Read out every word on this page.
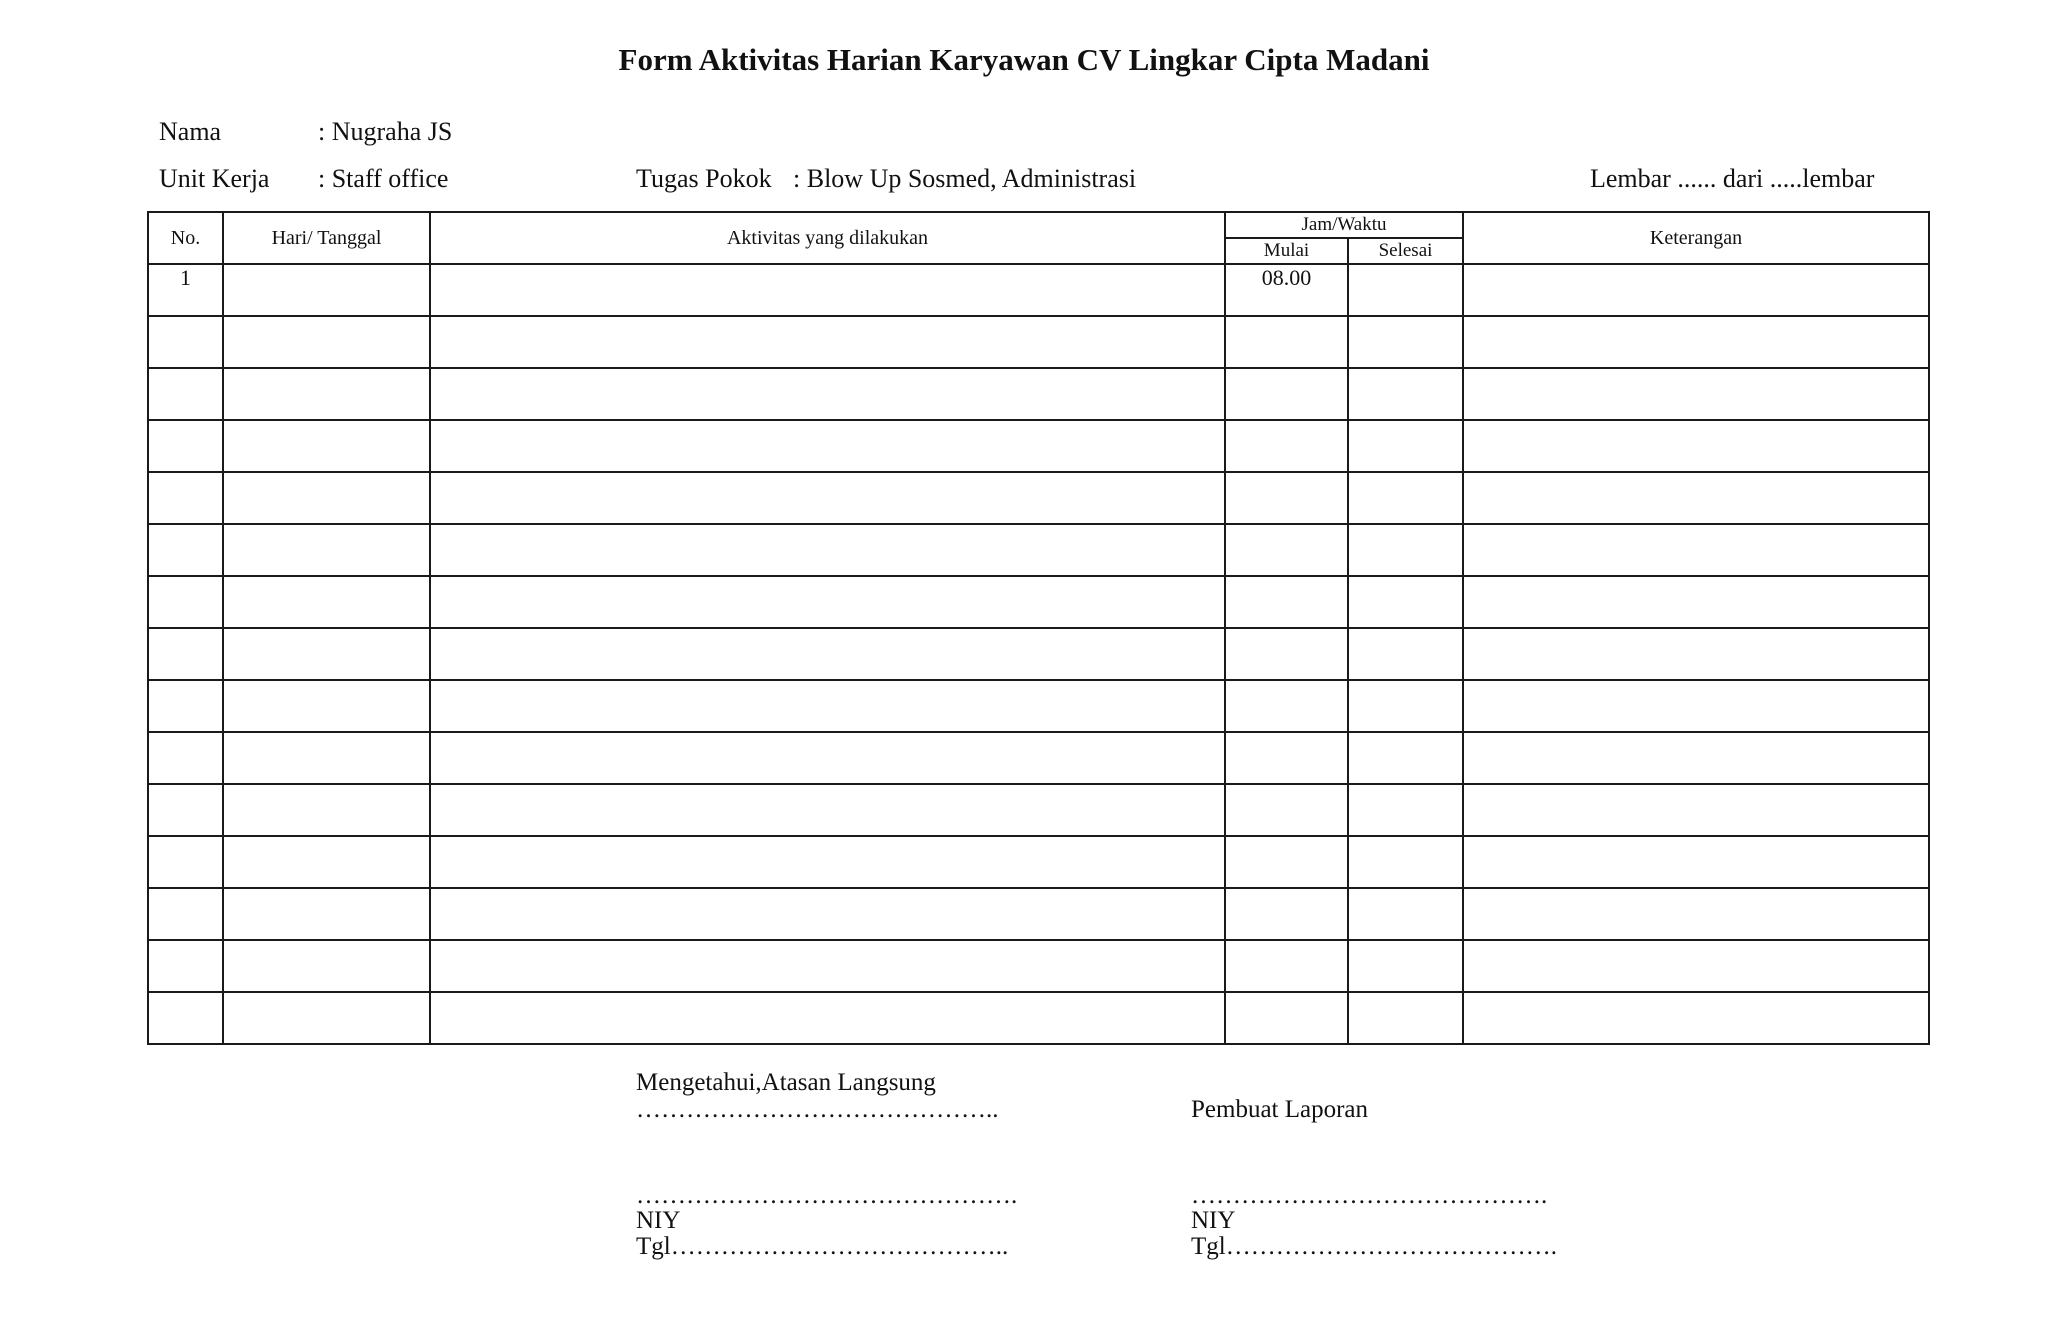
Form Aktivitas Harian Karyawan CV Lingkar Cipta Madani
Nama	: Nugraha JS
Unit Kerja : Staff office	Tugas Pokok : Blow Up Sosmed, Administrasi	Lembar ...... dari .....lembar
No.	Hari/ Tanggal	Aktivitas yang dilakukan	Jam/Waktu		Keterangan
			Mulai	Selesai	
1			08.00		

Mengetahui,Atasan Langsung
……………………………………..
……………………………………….
NIY
Tgl…………………………………..
Pembuat Laporan
…………………………………….
NIY
Tgl………………………………….
